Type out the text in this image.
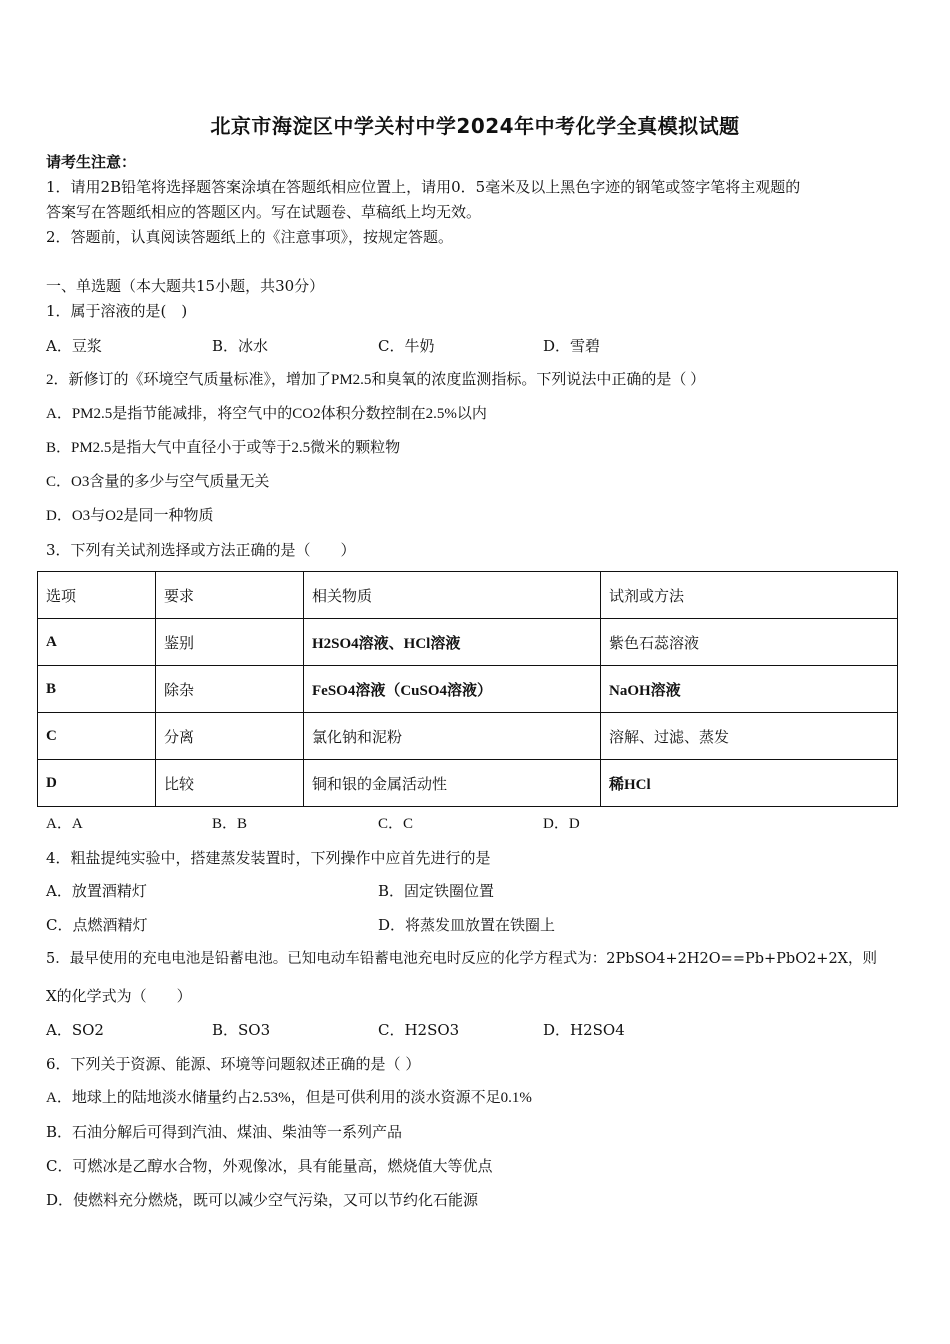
北京市海淀区中学关村中学2024年中考化学全真模拟试题
请考生注意：
1．请用2B铅笔将选择题答案涂填在答题纸相应位置上，请用0．5毫米及以上黑色字迹的钢笔或签字笔将主观题的
答案写在答题纸相应的答题区内。写在试题卷、草稿纸上均无效。
2．答题前，认真阅读答题纸上的《注意事项》，按规定答题。
一、单选题（本大题共15小题，共30分）
1．属于溶液的是(　)
A．豆浆	B．冰水	C．牛奶	D．雪碧
2．新修订的《环境空气质量标准》，增加了PM2.5和臭氧的浓度监测指标。下列说法中正确的是（ ）
A．PM2.5是指节能减排，将空气中的CO2体积分数控制在2.5%以内
B．PM2.5是指大气中直径小于或等于2.5微米的颗粒物
C．O3含量的多少与空气质量无关
D．O3与O2是同一种物质
3．下列有关试剂选择或方法正确的是（　　）
选项	要求	相关物质	试剂或方法
A	鉴别	H2SO4溶液、HCl溶液	紫色石蕊溶液
B	除杂	FeSO4溶液（CuSO4溶液）	NaOH溶液
C	分离	氯化钠和泥粉	溶解、过滤、蒸发
D	比较	铜和银的金属活动性	稀HCl
A．A	B．B	C．C	D．D
4．粗盐提纯实验中，搭建蒸发装置时，下列操作中应首先进行的是
A．放置酒精灯	B．固定铁圈位置
C．点燃酒精灯	D．将蒸发皿放置在铁圈上
5．最早使用的充电电池是铅蓄电池。已知电动车铅蓄电池充电时反应的化学方程式为：2PbSO4+2H2O==Pb+PbO2+2X，则
X的化学式为（　　）
A．SO2	B．SO3	C．H2SO3	D．H2SO4
6．下列关于资源、能源、环境等问题叙述正确的是（ ）
A．地球上的陆地淡水储量约占2.53%，但是可供利用的淡水资源不足0.1%
B．石油分解后可得到汽油、煤油、柴油等一系列产品
C．可燃冰是乙醇水合物，外观像冰，具有能量高，燃烧值大等优点
D．使燃料充分燃烧，既可以减少空气污染，又可以节约化石能源
